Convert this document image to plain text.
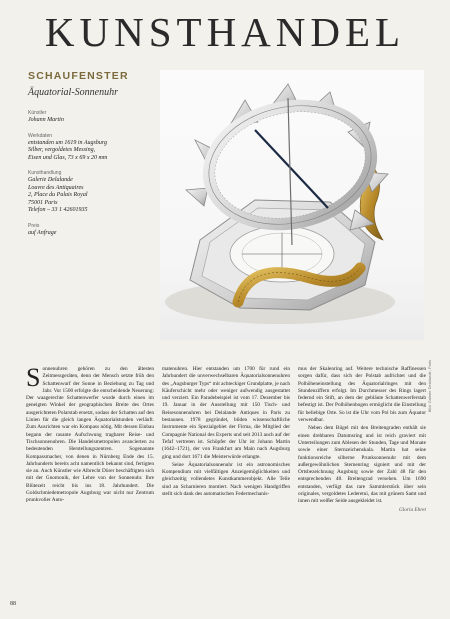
KUNSTHANDEL
SCHAUFENSTER
Äquatorial-Sonnenuhr
Künstler
Johann Martin
Werkdaten
entstanden um 1619 in Augsburg
Silber, vergoldetes Messing,
Eisen und Glas, 73 x 69 x 20 mm
Kunsthandlung
Galerie Delalande
Louvre des Antiquaires
2, Place du Palais Royal
75001 Paris
Telefon – 33 1 42601935
Preis
auf Anfrage
Bild: Galerie Delalande, Paris

Sonnenuhren gehören zu den ältesten Zeitmessgeräten, denn der Mensch setzte früh den Schattenwurf der Sonne in Beziehung zu Tag und Jahr. Vor 1500 erfolgte die entscheidende Neuerung: Der waagerechte Schattenwerfer wurde durch einen im geneigten Winkel der geographischen Breite des Ortes ausgerichteten Polarstab ersetzt, sodass der Schatten auf den Linien für die gleich langen Äquatorialstunden verläuft. Zum Ausrichten war ein Kompass nötig. Mit dessen Einbau begann der rasante Aufschwung tragbarer Reise- und Tischsonnenuhren. Die Handelsmetropolen avancierten zu bedeutenden Herstellungszentren. Sogenannte Kompassmacher, von denen in Nürnberg Ende des 15. Jahrhunderts bereits acht namentlich bekannt sind, fertigten sie an. Auch Künstler wie Albrecht Dürer beschäftigten sich mit der Gnomonik, der Lehre von der Sonnenuhr. Ihre Blütezeit reicht bis ins 18. Jahrhundert. Die Goldschmiedemetropole Augsburg war nicht nur Zentrum prunkvoller Auto-

matenuhren. Hier entstanden um 1700 für rund ein Jahrhundert die unverwechselbaren Äquatorialsonnenuhren des „Augsburger Typs“ mit achteckiger Grundplatte, je nach Käuferschicht mehr oder weniger aufwendig ausgestattet und verziert. Ein Paradebeispiel ist vom 17. Dezember bis 19. Januar in der Ausstellung mit 150 Tisch- und Reisesonnenuhren bei Delalande Antiques in Paris zu bestaunen. 1978 gegründet, bilden wissenschaftliche Instrumente ein Spezialgebiet der Firma, die Mitglied der Compagnie National des Experts und seit 2013 auch auf der Tefaf vertreten ist. Schöpfer der Uhr ist Johann Martin (1642–1721), der von Frankfurt am Main nach Augsburg ging und dort 1671 die Meisterwürde erlangte.

Seine Äquatorialsonnenuhr ist ein astronomisches Kompendium mit vielfältigen Anzeigemöglichkeiten und gleichzeitig vollendetes Kunstkammerobjekt. Alle Teile sind an Scharnieren montiert. Nach wenigen Handgriffen stellt sich dank des automatischen Federmechanis-

mus der Skalenring auf. Weitere technische Raffinessen sorgen dafür, dass sich der Polstab aufrichtet und die Polhöheneinstellung des Äquatorialringes mit den Stundenziffern erfolgt. Im Durchmesser des Rings lagert federnd ein Stift, an dem der gebläute Schattenwerferstab befestigt ist. Der Polhöhenbogen ermöglicht die Einstellung für beliebige Orte. So ist die Uhr vom Pol bis zum Äquator verwendbar.

Neben dem Bügel mit den Breitengraden enthält sie einen drehbaren Datumsring und ist reich graviert mit Unterteilungen zum Ablesen der Stunden, Tage und Monate sowie einer Sternzeichenskala. Martin hat seine funktionsreiche silberne Prunksonnenuhr mit dem außergewöhnlichen Sternenring signiert und mit der Ortsbezeichnung Augsburg sowie der Zahl 48 für den entsprechenden 48. Breitengrad versehen. Um 1690 entstanden, verfügt das rare Sammlerstück über sein originales, vergoldetes Lederetui, das mit grünem Samt und innen mit weißer Seide ausgekleidet ist.

Gloria Ehret
88
